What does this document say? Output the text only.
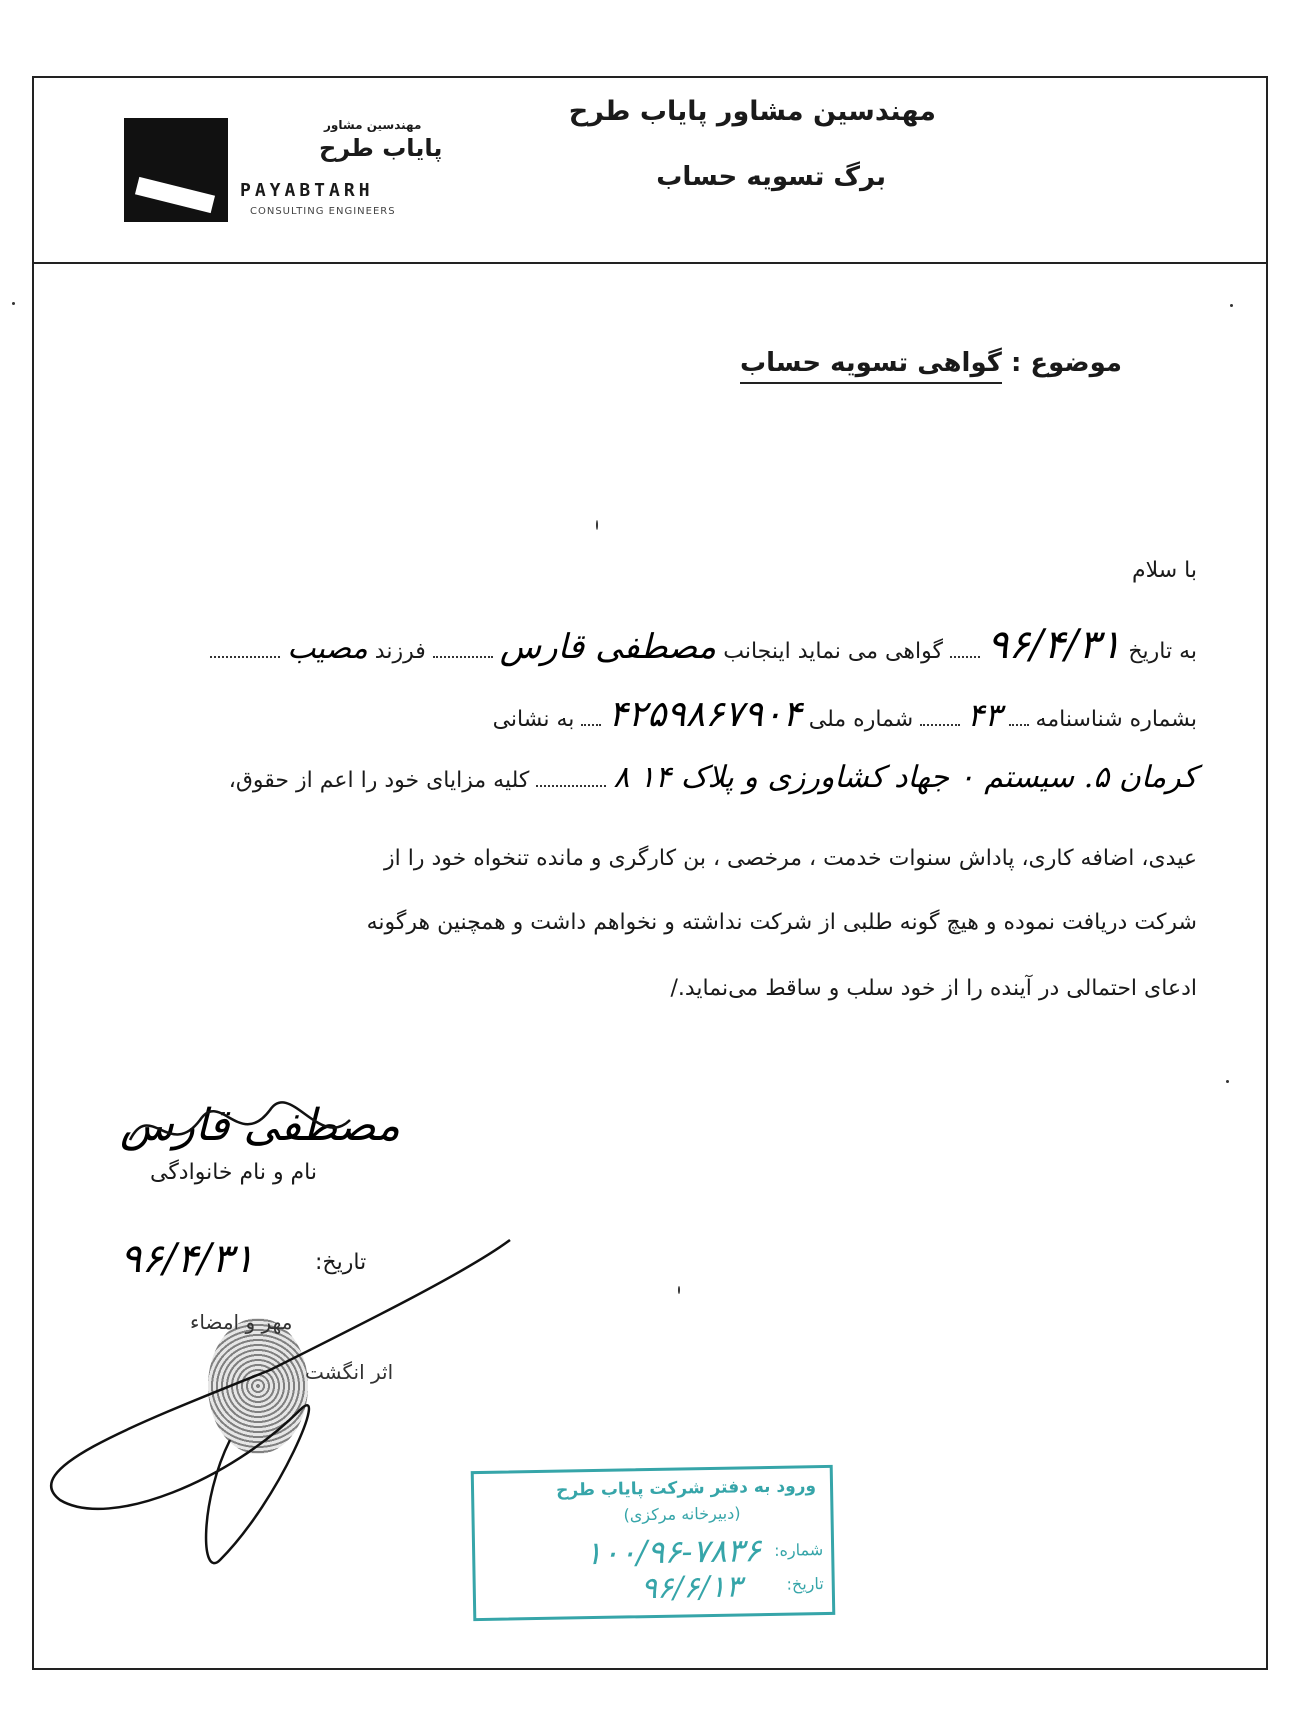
مهندسین مشاور
پایاب طرح
PAYABTARH
CONSULTING ENGINEERS
مهندسین مشاور پایاب طرح
برگ تسویه حساب
موضوع : گواهی تسویه حساب
با سلام
به تاریخ ۹۶/۴/۳۱  گواهی می نماید اینجانب مصطفی قارس  فرزند مصیب
بشماره شناسنامه  ۴۳  شماره ملی ۴۲۵۹۸۶۷۹۰۴  به نشانی
کرمان ۵. سیستم ۰ جهاد کشاورزی و پلاک ۱۴ ۸  کلیه مزایای خود را اعم از حقوق،
عیدی، اضافه کاری، پاداش سنوات خدمت ، مرخصی ، بن کارگری و مانده تنخواه خود را از
شرکت دریافت نموده و هیچ گونه طلبی از شرکت نداشته و نخواهم داشت و همچنین هرگونه
ادعای احتمالی در آینده را از خود سلب و ساقط می‌نماید./
مصطفی قارس
نام و نام خانوادگی
تاریخ:
۹۶/۴/۳۱
مهر و امضاء
اثر انگشت
ورود به دفتر شرکت پایاب طرح
(دبیرخانه مرکزی)
شماره:
۱۰۰/۹۶-۷۸۳۶
تاریخ:
۹۶/۶/۱۳
